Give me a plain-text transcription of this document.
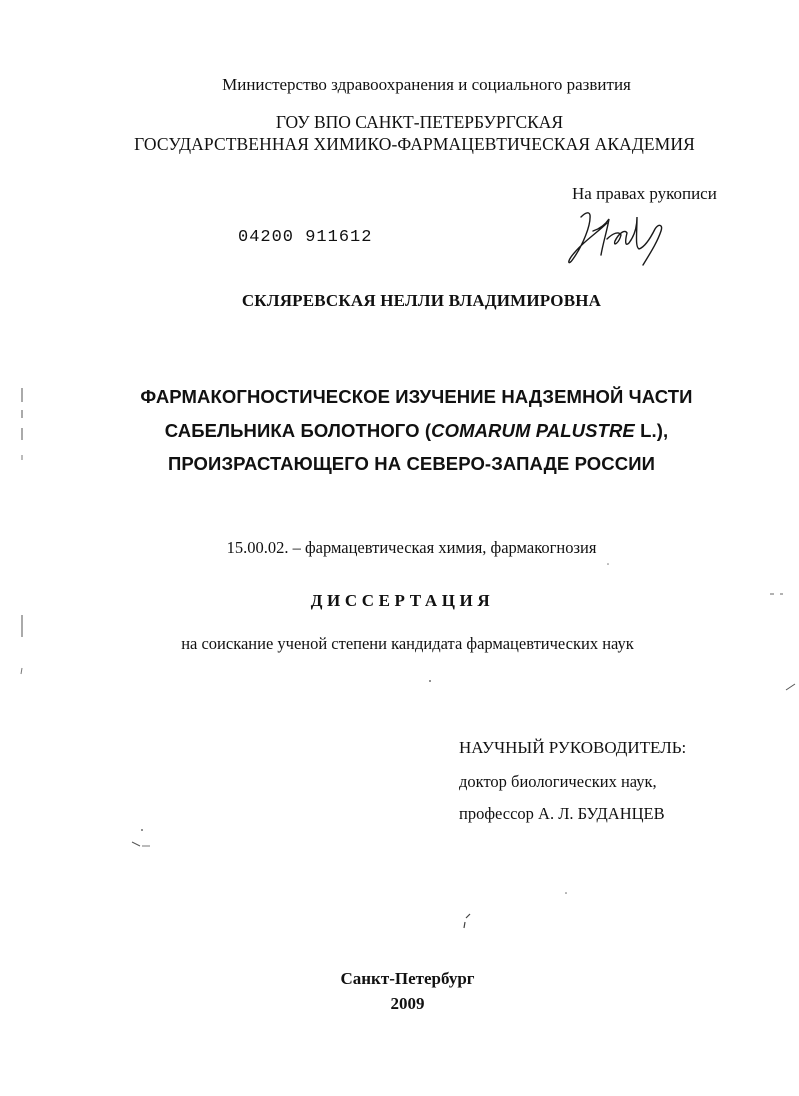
Министерство здравоохранения и социального развития
ГОУ ВПО САНКТ-ПЕТЕРБУРГСКАЯ
ГОСУДАРСТВЕННАЯ ХИМИКО-ФАРМАЦЕВТИЧЕСКАЯ АКАДЕМИЯ
На правах рукописи
04200 911612
СКЛЯРЕВСКАЯ НЕЛЛИ ВЛАДИМИРОВНА
ФАРМАКОГНОСТИЧЕСКОЕ ИЗУЧЕНИЕ НАДЗЕМНОЙ ЧАСТИ
САБЕЛЬНИКА БОЛОТНОГО (COMARUM PALUSTRE L.),
ПРОИЗРАСТАЮЩЕГО НА СЕВЕРО-ЗАПАДЕ РОССИИ
15.00.02. – фармацевтическая химия, фармакогнозия
ДИССЕРТАЦИЯ
на соискание ученой степени кандидата фармацевтических наук
НАУЧНЫЙ РУКОВОДИТЕЛЬ:
доктор биологических наук,
профессор А. Л. БУДАНЦЕВ
Санкт-Петербург
2009
